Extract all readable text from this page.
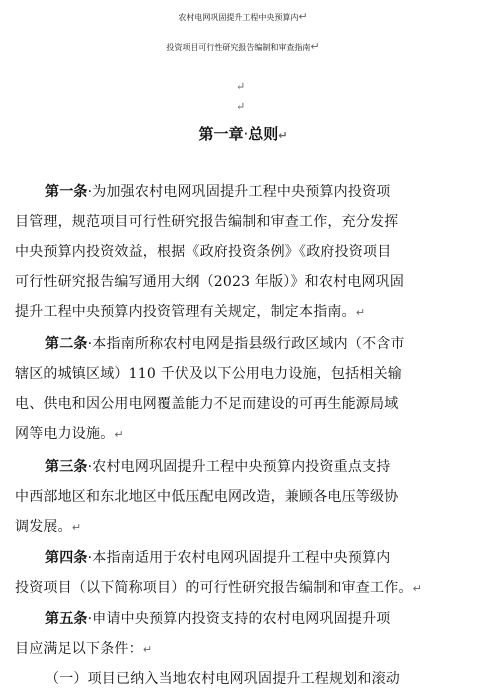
农村电网巩固提升工程中央预算内↵
投资项目可行性研究报告编制和审查指南↵
↵
↵
第一章·总则↵
第一条·为加强农村电网巩固提升工程中央预算内投资项
目管理，规范项目可行性研究报告编制和审查工作，充分发挥
中央预算内投资效益，根据《政府投资条例》《政府投资项目
可行性研究报告编写通用大纲（2023 年版）》和农村电网巩固
提升工程中央预算内投资管理有关规定，制定本指南。↵
第二条·本指南所称农村电网是指县级行政区域内（不含市
辖区的城镇区域）110 千伏及以下公用电力设施，包括相关输
电、供电和因公用电网覆盖能力不足而建设的可再生能源局域
网等电力设施。↵
第三条·农村电网巩固提升工程中央预算内投资重点支持
中西部地区和东北地区中低压配电网改造，兼顾各电压等级协
调发展。↵
第四条·本指南适用于农村电网巩固提升工程中央预算内
投资项目（以下简称项目）的可行性研究报告编制和审查工作。↵
第五条·申请中央预算内投资支持的农村电网巩固提升项
目应满足以下条件：↵
（一）项目已纳入当地农村电网巩固提升工程规划和滚动
